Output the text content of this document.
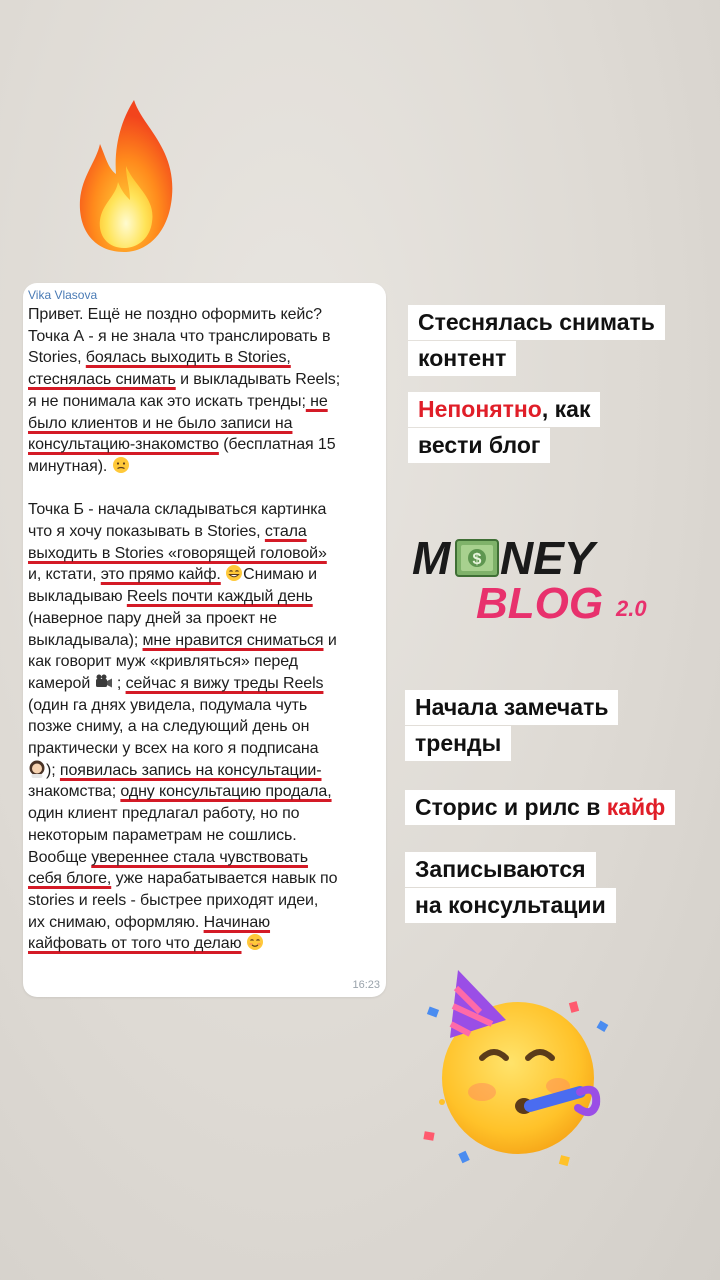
Vika Vlasova
Привет. Ещё не поздно оформить кейс?
Точка А - я не знала что транслировать в
Stories, боялась выходить в Stories,
стеснялась снимать и выкладывать Reels;
я не понимала как это искать тренды; не
было клиентов и не было записи на
консультацию-знакомство (бесплатная 15
минутная).
Точка Б - начала складываться картинка
что я хочу показывать в Stories, стала
выходить в Stories «говорящей головой»
и, кстати, это прямо кайф. Снимаю и
выкладываю Reels почти каждый день
(наверное пару дней за проект не
выкладывала); мне нравится сниматься и
как говорит муж «кривляться» перед
камерой  ; сейчас я вижу треды Reels
(один га днях увидела, подумала чуть
позже сниму, а на следующий день он
практически у всех на кого я подписана
); появилась запись на консультации-
знакомства; одну консультацию продала,
один клиент предлагал работу, но по
некоторым параметрам не сошлись.
Вообще увереннее стала чувствовать
себя блоге, уже нарабатывается навык по
stories и reels - быстрее приходят идеи,
их снимаю, оформляю. Начинаю
кайфовать от того что делаю
16:23
Стеснялась снимать
контент
Непонятно, как
вести блог
Начала замечать
тренды
Сторис и рилс в кайф
Записываются
на консультации
M $ NEY
BLOG 2.0
